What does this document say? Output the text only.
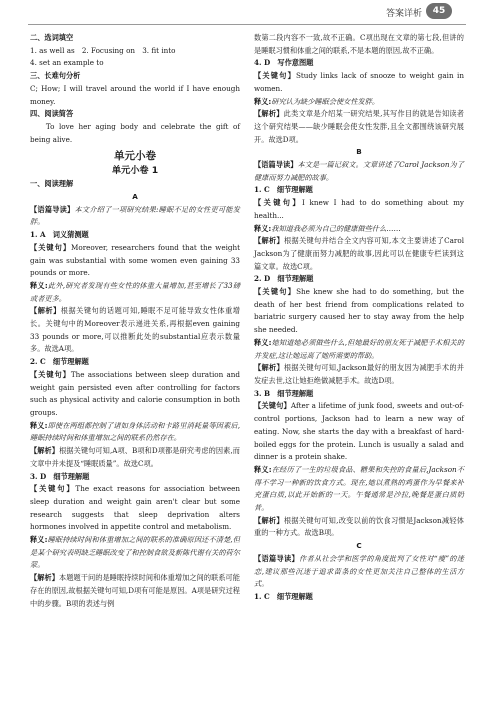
答案详析	45

二、选词填空

1. as well as　2. Focusing on　3. fit into

4. set an example to

三、长难句分析

C; How; I will travel around the world if I have enough money.

四、阅读简答

To love her aging body and celebrate the gift of being alive.

单元小卷

单元小卷 1

一、阅读理解

A

【语篇导读】本文介绍了一项研究结果:睡眠不足的女性更可能发胖。

1. A　词义猜测题

【关键句】Moreover, researchers found that the weight gain was substantial with some women even gaining 33 pounds or more.

释义:此外,研究者发现有些女性的体重大量增加,甚至增长了33磅或者更多。

【解析】根据关键句的话题可知,睡眠不足可能导致女性体重增长。关键句中的Moreover表示递进关系,再根据even gaining 33 pounds or more,可以推断此处的substantial应表示数量多。故选A项。

2. C　细节理解题

【关键句】The associations between sleep duration and weight gain persisted even after controlling for factors such as physical activity and calorie consumption in both groups.

释义:即使在两组都控制了诸如身体活动和卡路里消耗量等因素后,睡眠持续时间和体重增加之间的联系仍然存在。

【解析】根据关键句可知,A项、B项和D项都是研究考虑的因素,而文章中并未提及“睡眠质量”。故选C项。

3. D　细节理解题

【关键句】The exact reasons for association between sleep duration and weight gain aren't clear but some research suggests that sleep deprivation alters hormones involved in appetite control and metabolism.

释义:睡眠持续时间和体重增加之间的联系的准确原因还不清楚,但是某个研究表明缺乏睡眠改变了和控制食欲及新陈代谢有关的荷尔蒙。

【解析】本题题干问的是睡眠持续时间和体重增加之间的联系可能存在的原因,故根据关键句可知,D项有可能是原因。A项是研究过程中的步骤。B项的表述与例

数第二段内容不一致,故不正确。C项出现在文章的第七段,但讲的是睡眠习惯和体重之间的联系,不是本题的原因,故不正确。

4. D　写作意图题

【关键句】Study links lack of snooze to weight gain in women.

释义:研究认为缺少睡眠会使女性发胖。

【解析】此类文章是介绍某一研究结果,其写作目的就是告知读者这个研究结果——缺少睡眠会使女性发胖,且全文都围绕该研究展开。故选D项。

B

【语篇导读】本文是一篇记叙文。文章讲述了Carol Jackson为了健康而努力减肥的故事。

1. C　细节理解题

【关键句】I knew I had to do something about my health...

释义:我知道我必须为自己的健康做些什么……

【解析】根据关键句并结合全文内容可知,本文主要讲述了Carol Jackson为了健康而努力减肥的故事,因此可以在健康专栏读到这篇文章。故选C项。

2. D　细节理解题

【关键句】She knew she had to do something, but the death of her best friend from complications related to bariatric surgery caused her to stay away from the help she needed.

释义:她知道她必须做些什么,但她最好的朋友死于减肥手术相关的并发症,这让她远离了她所需要的帮助。

【解析】根据关键句可知,Jackson最好的朋友因为减肥手术的并发症去世,这让她拒绝做减肥手术。故选D项。

3. B　细节理解题

【关键句】After a lifetime of junk food, sweets and out-of-control portions, Jackson had to learn a new way of eating. Now, she starts the day with a breakfast of hard-boiled eggs for the protein. Lunch is usually a salad and dinner is a protein shake.

释义:在经历了一生的垃圾食品、糖果和失控的食量后,Jackson不得不学习一种新的饮食方式。现在,她以煮熟的鸡蛋作为早餐来补充蛋白质,以此开始新的一天。午餐通常是沙拉,晚餐是蛋白质奶昔。

【解析】根据关键句可知,改变以前的饮食习惯是Jackson减轻体重的一种方式。故选B项。

C

【语篇导读】作者从社会学和医学的角度批判了女性对“瘦”的迷恋,建议那些沉迷于追求苗条的女性更加关注自己整体的生活方式。

1. C　细节理解题
